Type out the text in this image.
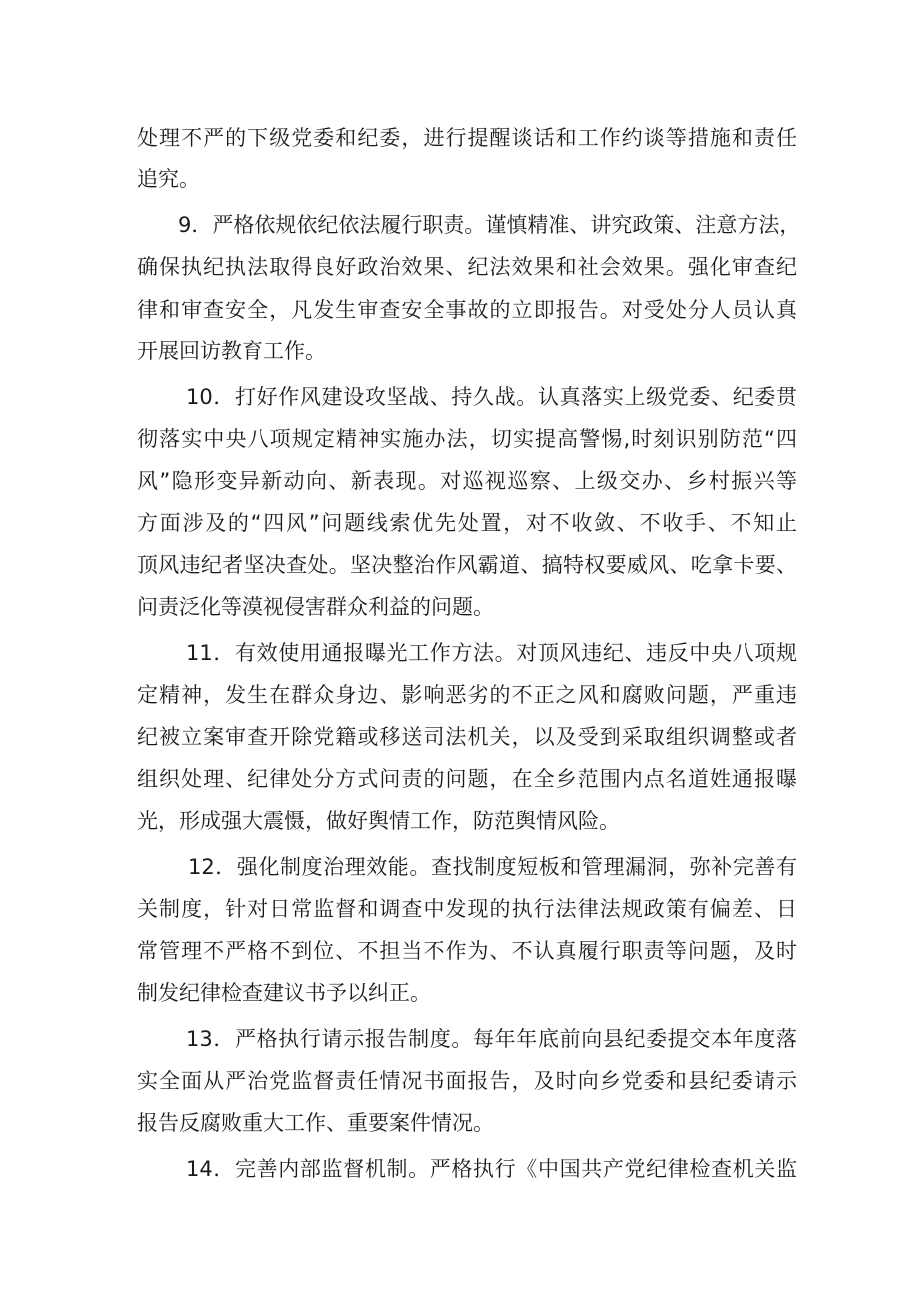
处理不严的下级党委和纪委，进行提醒谈话和工作约谈等措施和责任
追究。
9．严格依规依纪依法履行职责。谨慎精准、讲究政策、注意方法，
确保执纪执法取得良好政治效果、纪法效果和社会效果。强化审查纪
律和审查安全，凡发生审查安全事故的立即报告。对受处分人员认真
开展回访教育工作。
10．打好作风建设攻坚战、持久战。认真落实上级党委、纪委贯
彻落实中央八项规定精神实施办法，切实提高警惕,时刻识别防范“四
风”隐形变异新动向、新表现。对巡视巡察、上级交办、乡村振兴等
方面涉及的“四风”问题线索优先处置，对不收敛、不收手、不知止
顶风违纪者坚决查处。坚决整治作风霸道、搞特权要威风、吃拿卡要、
问责泛化等漠视侵害群众利益的问题。
11．有效使用通报曝光工作方法。对顶风违纪、违反中央八项规
定精神，发生在群众身边、影响恶劣的不正之风和腐败问题，严重违
纪被立案审查开除党籍或移送司法机关，以及受到采取组织调整或者
组织处理、纪律处分方式问责的问题，在全乡范围内点名道姓通报曝
光，形成强大震慑，做好舆情工作，防范舆情风险。
12．强化制度治理效能。查找制度短板和管理漏洞，弥补完善有
关制度，针对日常监督和调查中发现的执行法律法规政策有偏差、日
常管理不严格不到位、不担当不作为、不认真履行职责等问题，及时
制发纪律检查建议书予以纠正。
13．严格执行请示报告制度。每年年底前向县纪委提交本年度落
实全面从严治党监督责任情况书面报告，及时向乡党委和县纪委请示
报告反腐败重大工作、重要案件情况。
14．完善内部监督机制。严格执行《中国共产党纪律检查机关监
